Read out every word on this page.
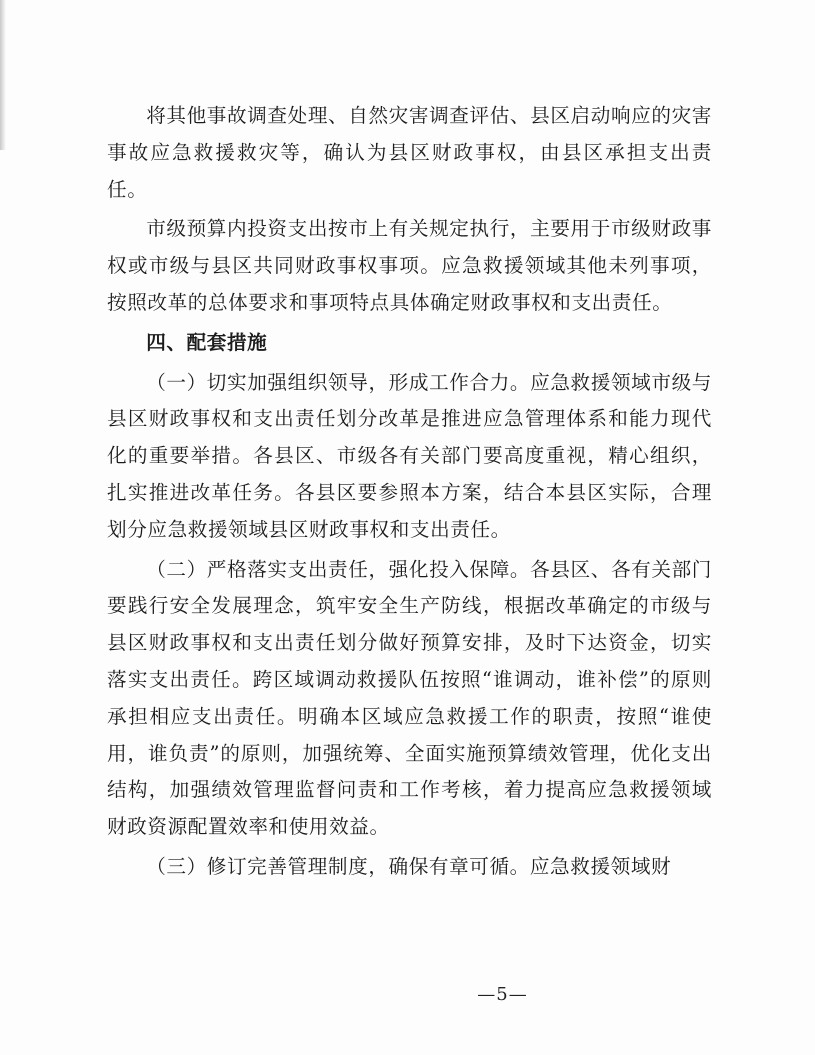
将其他事故调查处理、自然灾害调查评估、县区启动响应的灾害事故应急救援救灾等，确认为县区财政事权，由县区承担支出责任。

市级预算内投资支出按市上有关规定执行，主要用于市级财政事权或市级与县区共同财政事权事项。应急救援领域其他未列事项，按照改革的总体要求和事项特点具体确定财政事权和支出责任。

四、配套措施

（一）切实加强组织领导，形成工作合力。应急救援领域市级与县区财政事权和支出责任划分改革是推进应急管理体系和能力现代化的重要举措。各县区、市级各有关部门要高度重视，精心组织，扎实推进改革任务。各县区要参照本方案，结合本县区实际，合理划分应急救援领域县区财政事权和支出责任。

（二）严格落实支出责任，强化投入保障。各县区、各有关部门要践行安全发展理念，筑牢安全生产防线，根据改革确定的市级与县区财政事权和支出责任划分做好预算安排，及时下达资金，切实落实支出责任。跨区域调动救援队伍按照“谁调动，谁补偿”的原则承担相应支出责任。明确本区域应急救援工作的职责，按照“谁使用，谁负责”的原则，加强统筹、全面实施预算绩效管理，优化支出结构，加强绩效管理监督问责和工作考核，着力提高应急救援领域财政资源配置效率和使用效益。

（三）修订完善管理制度，确保有章可循。应急救援领域财

—5—
